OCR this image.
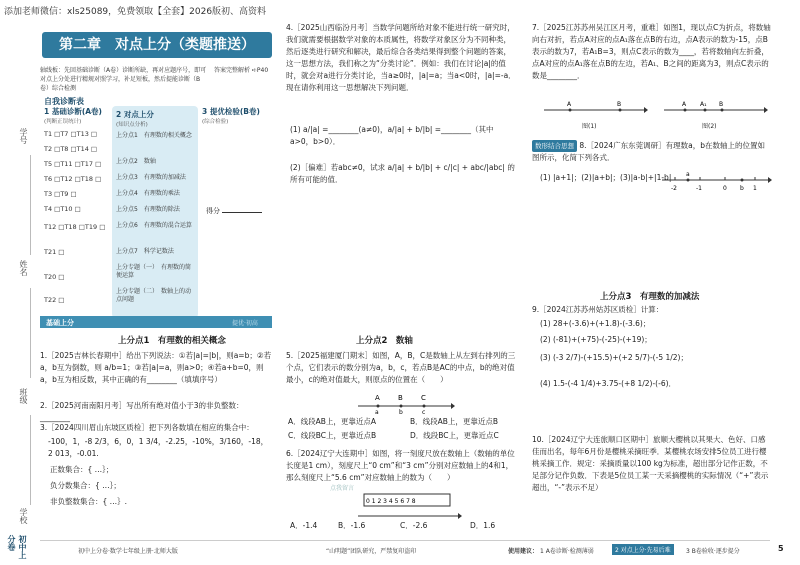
添加老师微信：xls25089，免费领取【全套】2026版初、高资料
学号
姓名
班级
学校
初中上分卷
第二章　对点上分（类题推送）
轴线板：先回基础诊断（A卷）诊断所缺，再对应题序号，即可对点上分处进行精规对照学习，补足短板，然后提能诊断（B卷）综合检测
答案完整解析 ➪P40
自我诊断表
1 基础诊断(A卷)
(判断正误统计)
T1 □T7 □T13 □
T2 □T8 □T14 □
T5 □T11 □T17 □
T6 □T12 □T18 □
T3 □T9 □
T4 □T10 □
T12 □T18 □T19 □
T21 □
T20 □
T22 □
2 对点上分
(知识点分析)
上分点1　有理数的相关概念
上分点2　数轴
上分点3　有理数的加减法
上分点4　有理数的乘法
上分点5　有理数的除法
上分点6　有理数的混合运算
上分点7　科学记数法
上分专题（一）　有理数的简便运算
上分专题（二）　数轴上的动点问题
3 提优检验(B卷)
(综合检验)
得分
基础上分	提优·初高
上分点1　有理数的相关概念
1.［2025吉林长春期中］给出下列说法：①若|a|=|b|，则a=b；②若a，b互为倒数，则 a/b=1；③若|a|=a，则a>0；④若a+b=0，则a，b互为相反数，其中正确的有________（填填序号）
2.［2025河南南阳月考］写出所有绝对值小于3的非负整数：________
3.［2024四川眉山东坡区质检］把下列各数填在相应的集合中：
-100，1，-8 2/3，6，0，1 3/4，-2.25，-10%，3/160，-18，2 013，-0.01.
正数集合：{ …｝；
负分数集合：{ …｝；
非负整数集合：{ …｝.
4.［2025山西临汾月考］当数学问题所给对象不能进行统一研究时，我们就需要根据数学对象的本质属性，将数学对象区分为不同种类，然后逐类进行研究和解决，最后综合各类结果得到整个问题的答案，这一思想方法，我们称之为“分类讨论”．例如：我们在讨论|a|的值时，就会对a进行分类讨论，当a≥0时，|a|=a；当a<0时，|a|=-a．现在请你利用这一思想解决下列问题．
(1) a/|a| =________(a≠0)，a/|a| + b/|b| =________（其中a>0，b>0）．
(2)［偏难］若abc≠0，试求 a/|a| + b/|b| + c/|c| + abc/|abc| 的所有可能的值．
上分点2　数轴
5.［2025福建厦门期末］如图，A，B，C是数轴上从左到右排列的三个点，它们表示的数分别为a，b，c，若点B是AC的中点，b的绝对值最小，c的绝对值最大，则原点的位置在（　　）
A	B	C
a	b	c
A．线段AB上，更靠近点A	B．线段AB上，更靠近点B
C．线段BC上，更靠近点B	D．线段BC上，更靠近点C
6.［2024辽宁大连期中］如图，将一刻度尺放在数轴上（数轴的单位长度是1 cm），刻度尺上“0 cm”和“3 cm”分别对应数轴上的4和1，那么刻度尺上“5.6 cm”对应数轴上的数为（　　）
0 1 2 3 4 5 6 7 8
A．-1.4	B．-1.6	C．-2.6	D．1.6
7.［2025江苏苏州吴江区月考，重难］如图1，现以点C为折点，将数轴向右对折，若点A对应的点A₁落在点B的右边，点A表示的数为-15，点B表示的数为7，若A₁B=3，则点C表示的数为____，若将数轴向左折叠，点A对应的点A₁落在点B的左边，若A₁、B之间的距离为3，则点C表示的数是________．
A	B
图(1)
A A₁ B
图(2)
数形结合思想 8.［2024广东东莞调研］有理数a，b在数轴上的位置如图所示，化简下列各式．
(1) |a+1|；(2)|a+b|；(3)|a-b|+|1-b|．	a
-2	-1	0 b 1
上分点3　有理数的加减法
9.［2024江苏苏州姑苏区质检］计算：
(1) 28+(-3.6)+(+1.8)-(-3.6)；
(2) (-81)+(+75)-(-25)-(+19)；
(3) (-3 2/7)-(+15.5)+(+2 5/7)-(-5 1/2)；
(4) 1.5-(-4 1/4)+3.75-(+8 1/2)-(-6)．
10.［2024辽宁大连旅顺口区期中］旅顺大樱桃以其果大、色好、口感佳而出名，每年6月份是樱桃采摘旺季．某樱桃农场安排5位员工进行樱桃采摘工作．规定：采摘质量以100 kg为标准，超出部分记作正数，不足部分记作负数．下表是5位员工某一天采摘樱桃的实际情况（“+”表示超出，“-”表示不足）
点我留言
初中上分卷·数学七年级上册·北师大版	“山明题”团队研究，严禁复印盗印	使用建议： 1 A卷诊断·检测薄弱	2 对点上分·先易后难	3 B卷验收·逐步提分	5
